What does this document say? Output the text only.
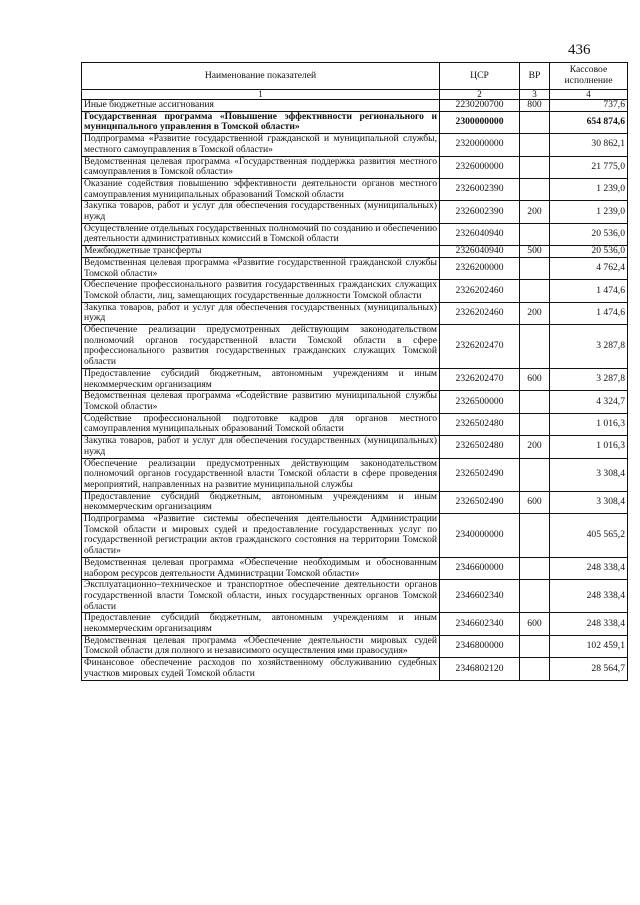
436
Наименование показателей	ЦСР	ВР	Кассовое исполнение
1	2	3	4
Иные бюджетные ассигнования	2230200700	800	737,6
Государственная программа «Повышение эффективности регионального и муниципального управления в Томской области»	2300000000		654 874,6
Подпрограмма «Развитие государственной гражданской и муниципальной службы, местного самоуправления в Томской области»	2320000000		30 862,1
Ведомственная целевая программа «Государственная поддержка развития местного самоуправления в Томской области»	2326000000		21 775,0
Оказание содействия повышению эффективности деятельности органов местного самоуправления муниципальных образований Томской области	2326002390		1 239,0
Закупка товаров, работ и услуг для обеспечения государственных (муниципальных) нужд	2326002390	200	1 239,0
Осуществление отдельных государственных полномочий по созданию и обеспечению деятельности административных комиссий в Томской области	2326040940		20 536,0
Межбюджетные трансферты	2326040940	500	20 536,0
Ведомственная целевая программа «Развитие государственной гражданской службы Томской области»	2326200000		4 762,4
Обеспечение профессионального развития государственных гражданских служащих Томской области, лиц, замещающих государственные должности Томской области	2326202460		1 474,6
Закупка товаров, работ и услуг для обеспечения государственных (муниципальных) нужд	2326202460	200	1 474,6
Обеспечение реализации предусмотренных действующим законодательством полномочий органов государственной власти Томской области в сфере профессионального развития государственных гражданских служащих Томской области	2326202470		3 287,8
Предоставление субсидий бюджетным, автономным учреждениям и иным некоммерческим организациям	2326202470	600	3 287,8
Ведомственная целевая программа «Содействие развитию муниципальной службы Томской области»	2326500000		4 324,7
Содействие профессиональной подготовке кадров для органов местного самоуправления муниципальных образований Томской области	2326502480		1 016,3
Закупка товаров, работ и услуг для обеспечения государственных (муниципальных) нужд	2326502480	200	1 016,3
Обеспечение реализации предусмотренных действующим законодательством полномочий органов государственной власти Томской области в сфере проведения мероприятий, направленных на развитие муниципальной службы	2326502490		3 308,4
Предоставление субсидий бюджетным, автономным учреждениям и иным некоммерческим организациям	2326502490	600	3 308,4
Подпрограмма «Развитие системы обеспечения деятельности Администрации Томской области и мировых судей и предоставление государственных услуг по государственной регистрации актов гражданского состояния на территории Томской области»	2340000000		405 565,2
Ведомственная целевая программа «Обеспечение необходимым и обоснованным набором ресурсов деятельности Администрации Томской области»	2346600000		248 338,4
Эксплуатационно–техническое и транспортное обеспечение деятельности органов государственной власти Томской области, иных государственных органов Томской области	2346602340		248 338,4
Предоставление субсидий бюджетным, автономным учреждениям и иным некоммерческим организациям	2346602340	600	248 338,4
Ведомственная целевая программа «Обеспечение деятельности мировых судей Томской области для полного и независимого осуществления ими правосудия»	2346800000		102 459,1
Финансовое обеспечение расходов по хозяйственному обслуживанию судебных участков мировых судей Томской области	2346802120		28 564,7
